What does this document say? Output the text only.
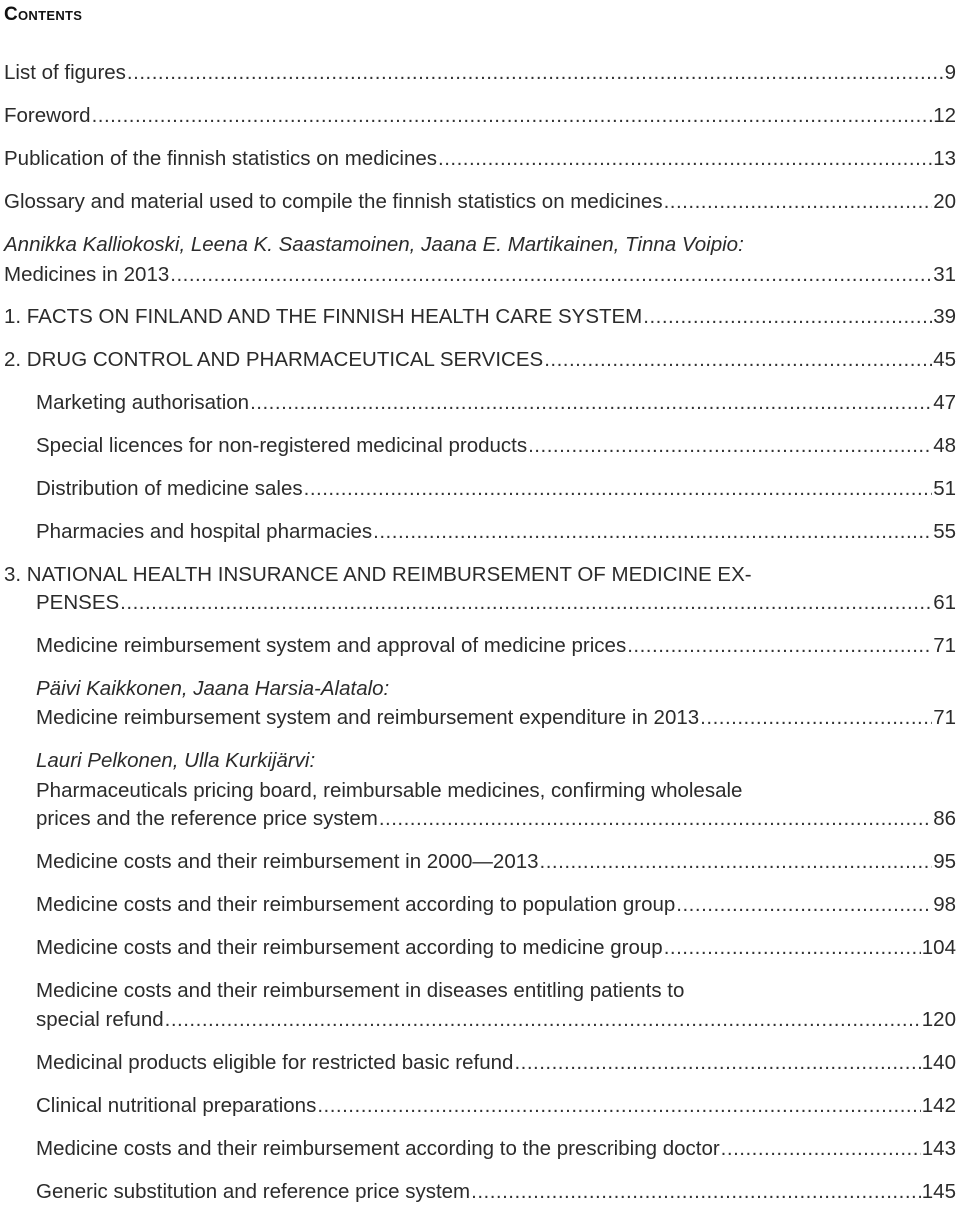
Contents
List of figures .....	9
Foreword .....	12
Publication of the finnish statistics on medicines .....	13
Glossary and material used to compile the finnish statistics on medicines .....	20
Annikka Kalliokoski, Leena K. Saastamoinen, Jaana E. Martikainen, Tinna Voipio:
Medicines in 2013 .....	31
1. FACTS ON FINLAND AND THE FINNISH HEALTH CARE SYSTEM .....	39
2. DRUG CONTROL AND PHARMACEUTICAL SERVICES .....	45
Marketing authorisation .....	47
Special licences for non-registered medicinal products .....	48
Distribution of medicine sales .....	51
Pharmacies and hospital pharmacies .....	55
3. NATIONAL HEALTH INSURANCE AND REIMBURSEMENT OF MEDICINE EX-
PENSES .....	61
Medicine reimbursement system and approval of medicine prices .....	71
Päivi Kaikkonen, Jaana Harsia-Alatalo:
Medicine reimbursement system and reimbursement expenditure in 2013 .....	71
Lauri Pelkonen, Ulla Kurkijärvi:
Pharmaceuticals pricing board, reimbursable medicines, confirming wholesale
prices and the reference price system .....	86
Medicine costs and their reimbursement in 2000—2013 .....	95
Medicine costs and their reimbursement according to population group .....	98
Medicine costs and their reimbursement according to medicine group .....	104
Medicine costs and their reimbursement in diseases entitling patients to
special refund .....	120
Medicinal products eligible for restricted basic refund .....	140
Clinical nutritional preparations .....	142
Medicine costs and their reimbursement according to the prescribing doctor .....	143
Generic substitution and reference price system .....	145
